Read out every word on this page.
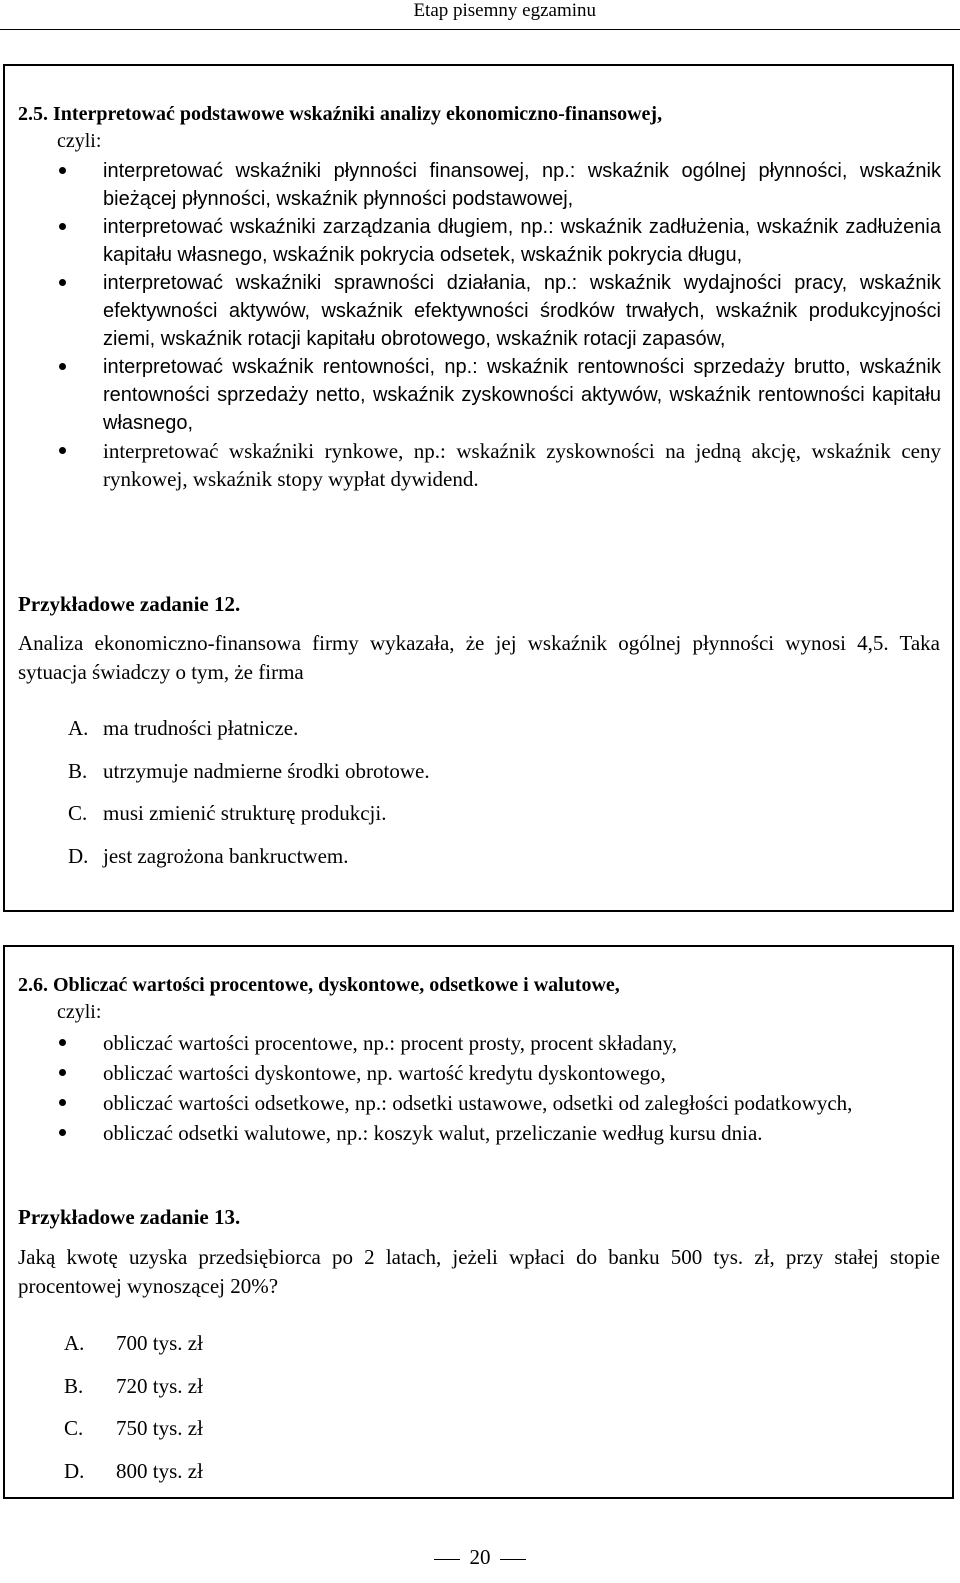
Etap pisemny egzaminu
2.5. Interpretować podstawowe wskaźniki analizy ekonomiczno-finansowej,
czyli:
interpretować wskaźniki płynności finansowej, np.: wskaźnik ogólnej płynności, wskaźnik bieżącej płynności, wskaźnik płynności podstawowej,
interpretować wskaźniki zarządzania długiem, np.: wskaźnik zadłużenia, wskaźnik zadłużenia kapitału własnego, wskaźnik pokrycia odsetek, wskaźnik pokrycia długu,
interpretować wskaźniki sprawności działania, np.: wskaźnik wydajności pracy, wskaźnik efektywności aktywów, wskaźnik efektywności środków trwałych, wskaźnik produkcyjności ziemi, wskaźnik rotacji kapitału obrotowego, wskaźnik rotacji zapasów,
interpretować wskaźnik rentowności, np.: wskaźnik rentowności sprzedaży brutto, wskaźnik rentowności sprzedaży netto, wskaźnik zyskowności aktywów, wskaźnik rentowności kapitału własnego,
interpretować wskaźniki rynkowe, np.: wskaźnik zyskowności na jedną akcję, wskaźnik ceny rynkowej, wskaźnik stopy wypłat dywidend.
Przykładowe zadanie 12.
Analiza ekonomiczno-finansowa firmy wykazała, że jej wskaźnik ogólnej płynności wynosi 4,5. Taka sytuacja świadczy o tym, że firma
A. ma trudności płatnicze.
B. utrzymuje nadmierne środki obrotowe.
C. musi zmienić strukturę produkcji.
D. jest zagrożona bankructwem.
2.6. Obliczać wartości procentowe, dyskontowe, odsetkowe i walutowe,
czyli:
obliczać wartości procentowe, np.: procent prosty, procent składany,
obliczać wartości dyskontowe, np. wartość kredytu dyskontowego,
obliczać wartości odsetkowe, np.: odsetki ustawowe, odsetki od zaległości podatkowych,
obliczać odsetki walutowe, np.: koszyk walut, przeliczanie według kursu dnia.
Przykładowe zadanie 13.
Jaką kwotę uzyska przedsiębiorca po 2 latach, jeżeli wpłaci do banku 500 tys. zł, przy stałej stopie procentowej wynoszącej 20%?
A. 700 tys. zł
B. 720 tys. zł
C. 750 tys. zł
D. 800 tys. zł
20
